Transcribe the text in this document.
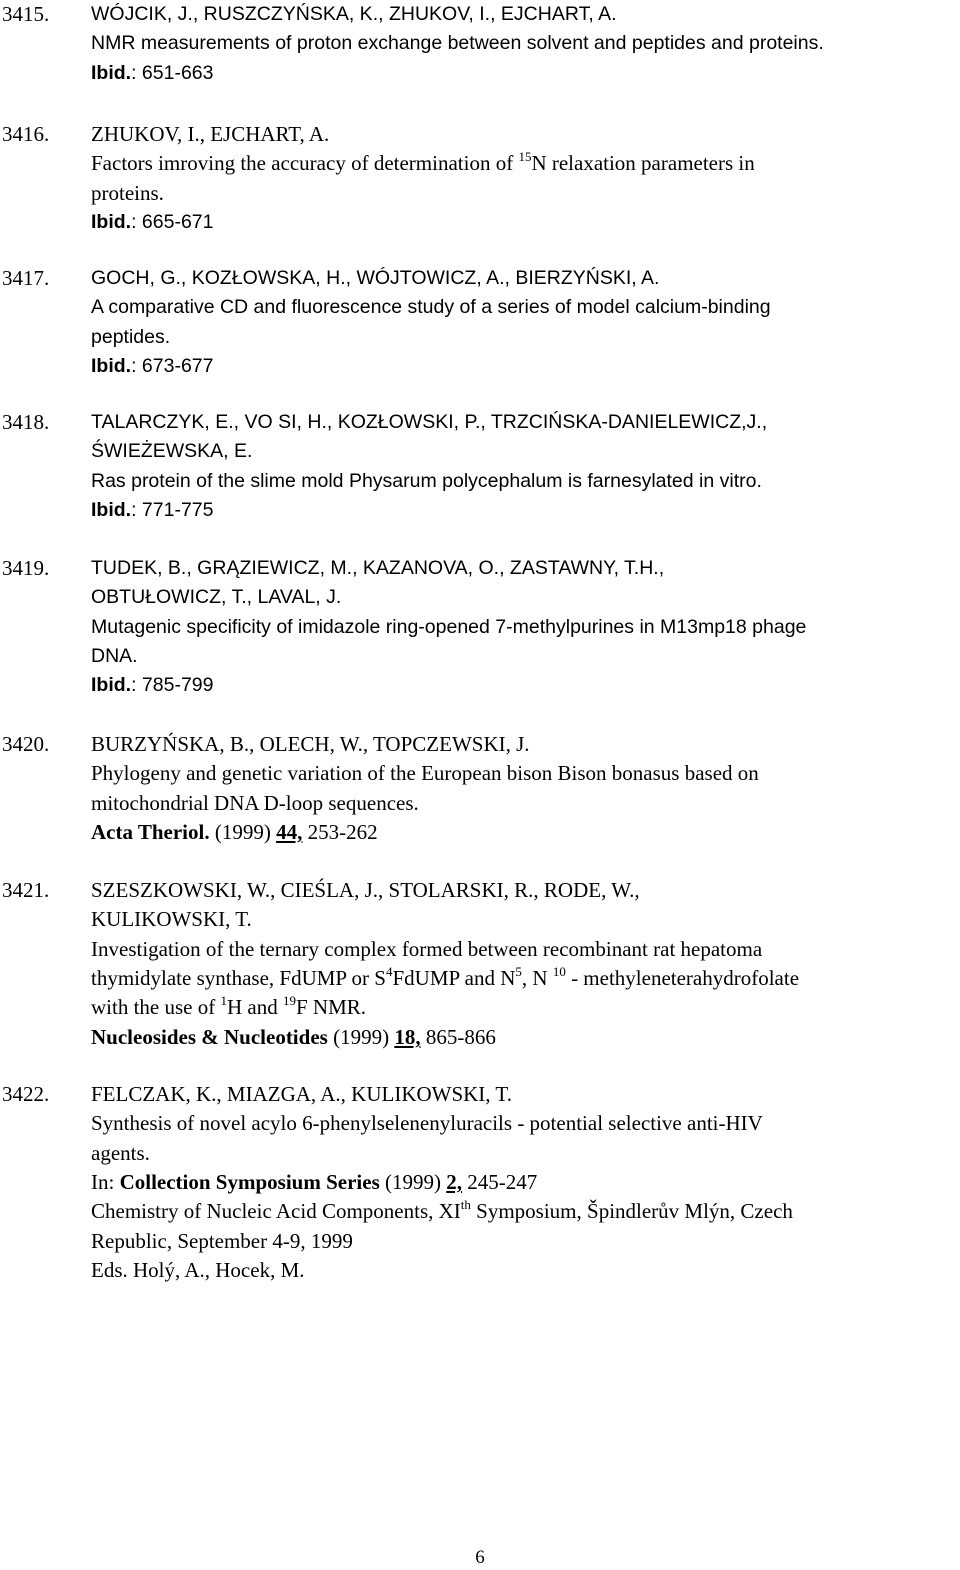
3415. WÓJCIK, J., RUSZCZYŃSKA, K., ZHUKOV, I., EJCHART, A.
NMR measurements of proton exchange between solvent and peptides and proteins.
Ibid.: 651-663
3416. ZHUKOV, I., EJCHART, A.
Factors imroving the accuracy of determination of $^{15}$N relaxation parameters in
proteins.
Ibid.: 665-671
3417. GOCH, G., KOZŁOWSKA, H., WÓJTOWICZ, A., BIERZYŃSKI, A.
A comparative CD and fluorescence study of a series of model calcium-binding
peptides.
Ibid.: 673-677
3418. TALARCZYK, E., VO SI, H., KOZŁOWSKI, P., TRZCIŃSKA-DANIELEWICZ,J.,
ŚWIEŻEWSKA, E.
Ras protein of the slime mold Physarum polycephalum is farnesylated in vitro.
Ibid.: 771-775
3419. TUDEK, B., GRĄZIEWICZ, M., KAZANOVA, O., ZASTAWNY, T.H.,
OBTUŁOWICZ, T., LAVAL, J.
Mutagenic specificity of imidazole ring-opened 7-methylpurines in M13mp18 phage
DNA.
Ibid.: 785-799
3420. BURZYŃSKA, B., OLECH, W., TOPCZEWSKI, J.
Phylogeny and genetic variation of the European bison Bison bonasus based on
mitochondrial DNA D-loop sequences.
Acta Theriol. (1999) 44, 253-262
3421. SZESZKOWSKI, W., CIEŚLA, J., STOLARSKI, R., RODE, W.,
KULIKOWSKI, T.
Investigation of the ternary complex formed between recombinant rat hepatoma
thymidylate synthase, FdUMP or $S^4FdUMP$ and $N^5$, N $^{10}$ - methyleneterahydrofolate
with the use of $^1$H and $^{19}$F NMR.
Nucleosides & Nucleotides (1999) 18, 865-866
3422. FELCZAK, K., MIAZGA, A., KULIKOWSKI, T.
Synthesis of novel acylo 6-phenylselenenyluracils - potential selective anti-HIV
agents.
In: Collection Symposium Series (1999) 2, 245-247
Chemistry of Nucleic Acid Components, XIth Symposium, Špindlerův Mlýn, Czech
Republic, September 4-9, 1999
Eds. Holý, A., Hocek, M.
6
